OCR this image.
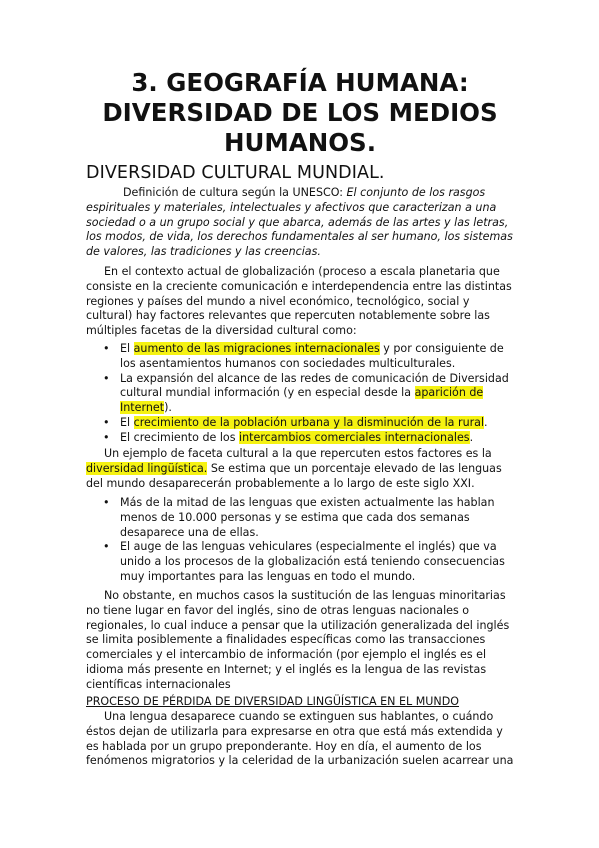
3. GEOGRAFÍA HUMANA:
DIVERSIDAD DE LOS MEDIOS
HUMANOS.
DIVERSIDAD CULTURAL MUNDIAL.

Definición de cultura según la UNESCO: El conjunto de los rasgos espirituales y materiales, intelectuales y afectivos que caracterizan a una sociedad o a un grupo social y que abarca, además de las artes y las letras, los modos, de vida, los derechos fundamentales al ser humano, los sistemas de valores, las tradiciones y las creencias.

En el contexto actual de globalización (proceso a escala planetaria que consiste en la creciente comunicación e interdependencia entre las distintas regiones y países del mundo a nivel económico, tecnológico, social y cultural) hay factores relevantes que repercuten notablemente sobre las múltiples facetas de la diversidad cultural como:

• El aumento de las migraciones internacionales y por consiguiente de los asentamientos humanos con sociedades multiculturales.
• La expansión del alcance de las redes de comunicación de Diversidad cultural mundial información (y en especial desde la aparición de Internet).
• El crecimiento de la población urbana y la disminución de la rural.
• El crecimiento de los intercambios comerciales internacionales.

Un ejemplo de faceta cultural a la que repercuten estos factores es la diversidad lingüística. Se estima que un porcentaje elevado de las lenguas del mundo desaparecerán probablemente a lo largo de este siglo XXI.

• Más de la mitad de las lenguas que existen actualmente las hablan menos de 10.000 personas y se estima que cada dos semanas desaparece una de ellas.
• El auge de las lenguas vehiculares (especialmente el inglés) que va unido a los procesos de la globalización está teniendo consecuencias muy importantes para las lenguas en todo el mundo.

No obstante, en muchos casos la sustitución de las lenguas minoritarias no tiene lugar en favor del inglés, sino de otras lenguas nacionales o regionales, lo cual induce a pensar que la utilización generalizada del inglés se limita posiblemente a finalidades específicas como las transacciones comerciales y el intercambio de información (por ejemplo el inglés es el idioma más presente en Internet; y el inglés es la lengua de las revistas científicas internacionales

PROCESO DE PÉRDIDA DE DIVERSIDAD LINGÜÍSTICA EN EL MUNDO

Una lengua desaparece cuando se extinguen sus hablantes, o cuándo éstos dejan de utilizarla para expresarse en otra que está más extendida y es hablada por un grupo preponderante. Hoy en día, el aumento de los fenómenos migratorios y la celeridad de la urbanización suelen acarrear una
